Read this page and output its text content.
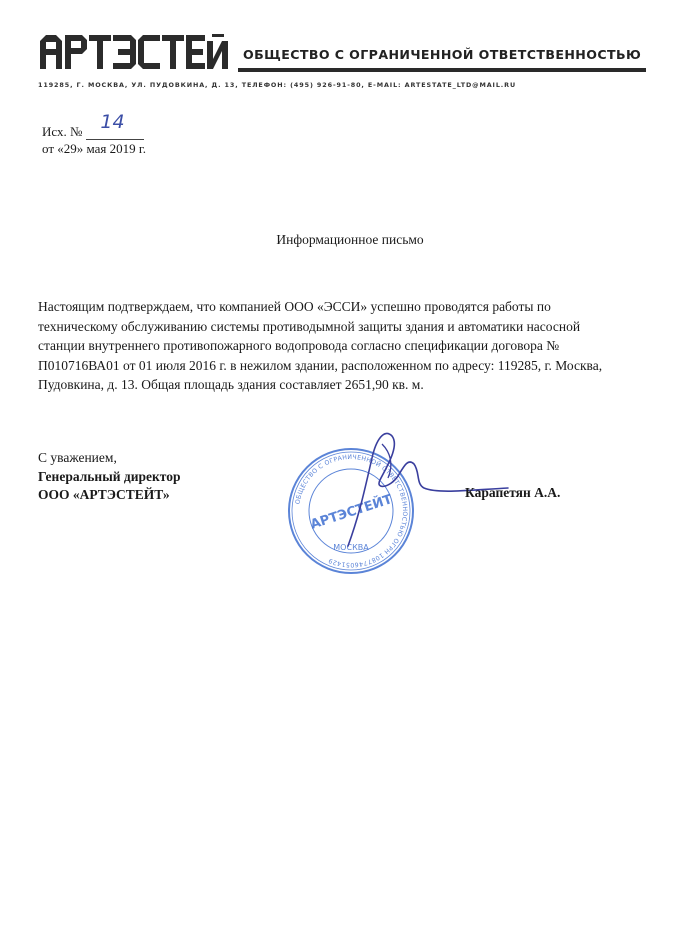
ОБЩЕСТВО С ОГРАНИЧЕННОЙ ОТВЕТСТВЕННОСТЬЮ
119285, Г. МОСКВА, УЛ. ПУДОВКИНА, Д. 13, ТЕЛЕФОН: (495) 926-91-80, E-MAIL: ARTESTATE_LTD@MAIL.RU
Исх. № 14
от «29» мая 2019 г.
Информационное письмо
Настоящим подтверждаем, что компанией ООО «ЭССИ» успешно проводятся работы по
техническому обслуживанию системы противодымной защиты здания и автоматики насосной
станции внутреннего противопожарного водопровода согласно спецификации договора №
П010716ВА01 от 01 июля 2016 г. в нежилом здании, расположенном по адресу: 119285, г. Москва,
Пудовкина, д. 13. Общая площадь здания составляет 2651,90 кв. м.
С уважением,
Генеральный директор
ООО «АРТЭСТЕЙТ»	ОБЩЕСТВО С ОГРАНИЧЕННОЙ ОТВЕТСТВЕННОСТЬЮ ОГРН 1087746051429
АРТЭСТЕЙТ
МОСКВА
Карапетян А.А.
